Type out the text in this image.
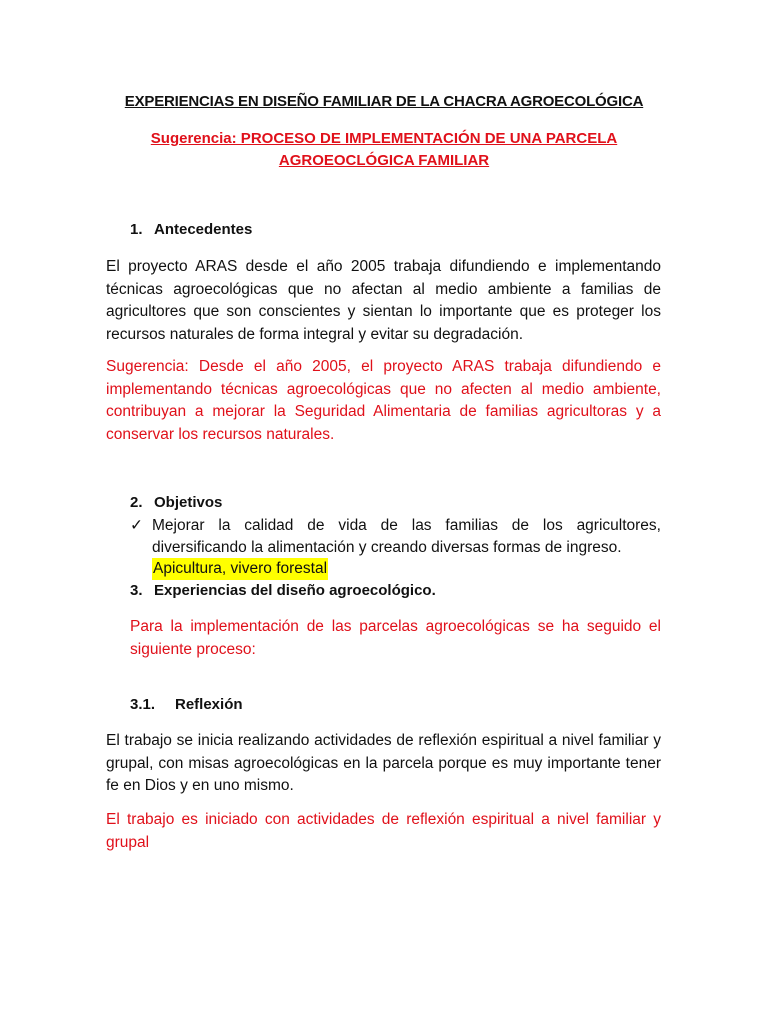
EXPERIENCIAS EN DISEÑO FAMILIAR DE LA CHACRA AGROECOLÓGICA
Sugerencia: PROCESO DE IMPLEMENTACIÓN DE UNA PARCELA
AGROEOCLÓGICA FAMILIAR
1. Antecedentes
El proyecto ARAS desde el año 2005 trabaja difundiendo e implementando técnicas agroecológicas que no afectan al medio ambiente a familias de agricultores que son conscientes y sientan lo importante que es proteger los recursos naturales de forma integral y evitar su degradación.
Sugerencia: Desde el año 2005, el proyecto ARAS trabaja difundiendo e implementando técnicas agroecológicas que no afecten al medio ambiente, contribuyan a mejorar la Seguridad Alimentaria de familias agricultoras y a conservar los recursos naturales.
2. Objetivos
✓ Mejorar la calidad de vida de las familias de los agricultores, diversificando la alimentación y creando diversas formas de ingreso.
Apicultura, vivero forestal
3. Experiencias del diseño agroecológico.
Para la implementación de las parcelas agroecológicas se ha seguido el siguiente proceso:
3.1. Reflexión
El trabajo se inicia realizando actividades de reflexión espiritual a nivel familiar y grupal, con misas agroecológicas en la parcela porque es muy importante tener fe en Dios y en uno mismo.
El trabajo es iniciado con actividades de reflexión espiritual a nivel familiar y grupal
